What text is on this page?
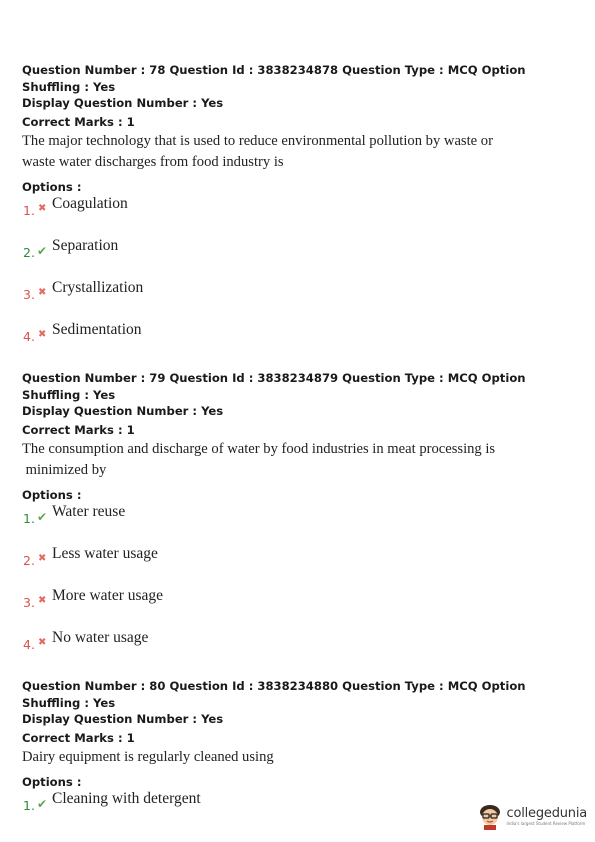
Question Number : 78 Question Id : 3838234878 Question Type : MCQ Option Shuffling : Yes
Display Question Number : Yes
Correct Marks : 1
The major technology that is used to reduce environmental pollution by waste or
waste water discharges from food industry is
Options :
1. ✖ Coagulation
2. ✔ Separation
3. ✖ Crystallization
4. ✖ Sedimentation
Question Number : 79 Question Id : 3838234879 Question Type : MCQ Option Shuffling : Yes
Display Question Number : Yes
Correct Marks : 1
The consumption and discharge of water by food industries in meat processing is
minimized by
Options :
1. ✔ Water reuse
2. ✖ Less water usage
3. ✖ More water usage
4. ✖ No water usage
Question Number : 80 Question Id : 3838234880 Question Type : MCQ Option Shuffling : Yes
Display Question Number : Yes
Correct Marks : 1
Dairy equipment is regularly cleaned using
Options :
1. ✔ Cleaning with detergent
collegedunia
India's largest Student Review Platform
